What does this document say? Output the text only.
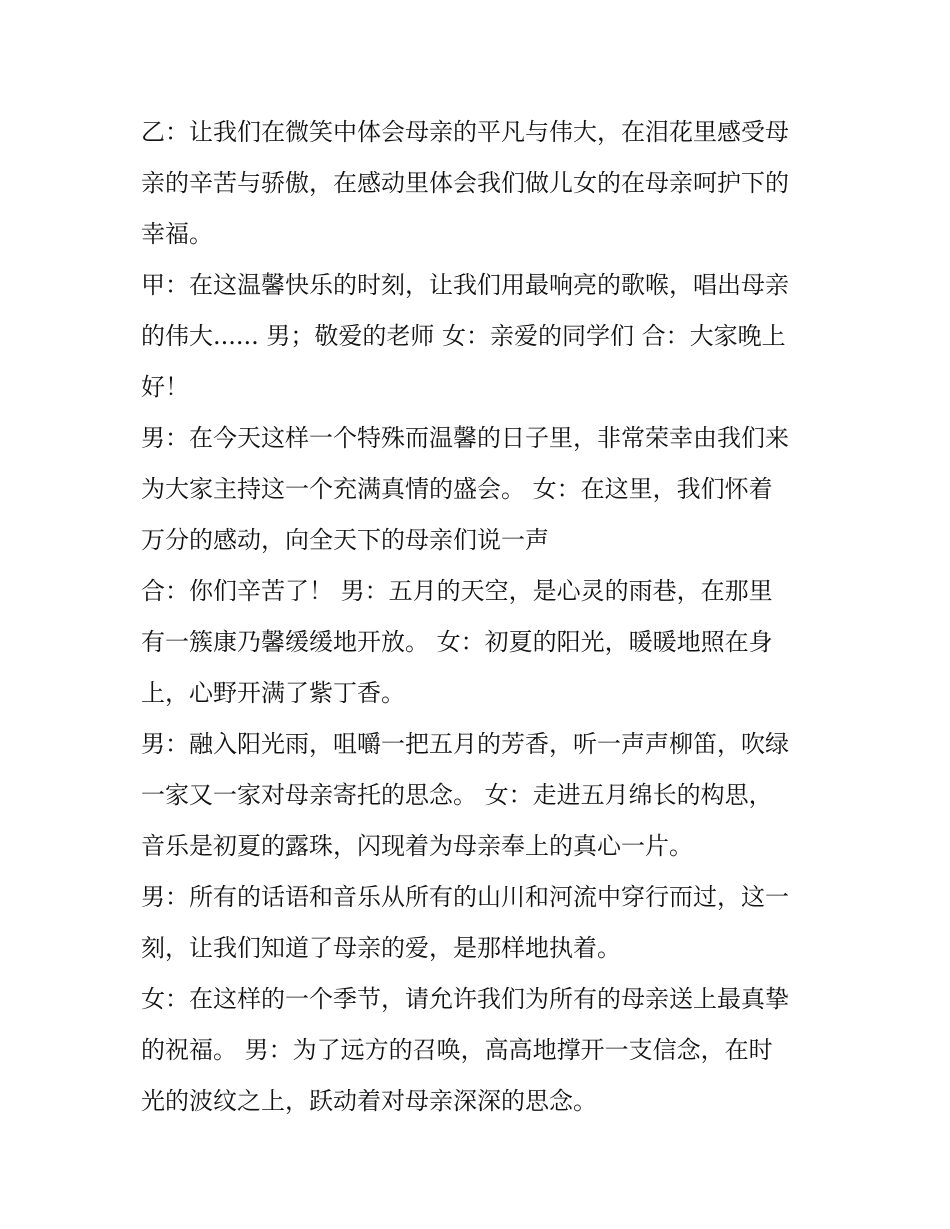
乙：让我们在微笑中体会母亲的平凡与伟大，在泪花里感受母
亲的辛苦与骄傲，在感动里体会我们做儿女的在母亲呵护下的
幸福。

甲：在这温馨快乐的时刻，让我们用最响亮的歌喉，唱出母亲
的伟大...... 男；敬爱的老师 女：亲爱的同学们 合：大家晚上
好！

男：在今天这样一个特殊而温馨的日子里，非常荣幸由我们来
为大家主持这一个充满真情的盛会。 女：在这里，我们怀着
万分的感动，向全天下的母亲们说一声

合：你们辛苦了！ 男：五月的天空，是心灵的雨巷，在那里
有一簇康乃馨缓缓地开放。 女：初夏的阳光，暖暖地照在身
上，心野开满了紫丁香。

男：融入阳光雨，咀嚼一把五月的芳香，听一声声柳笛，吹绿
一家又一家对母亲寄托的思念。 女：走进五月绵长的构思，
音乐是初夏的露珠，闪现着为母亲奉上的真心一片。

男：所有的话语和音乐从所有的山川和河流中穿行而过，这一
刻，让我们知道了母亲的爱，是那样地执着。

女：在这样的一个季节，请允许我们为所有的母亲送上最真挚
的祝福。 男：为了远方的召唤，高高地撑开一支信念，在时
光的波纹之上，跃动着对母亲深深的思念。
